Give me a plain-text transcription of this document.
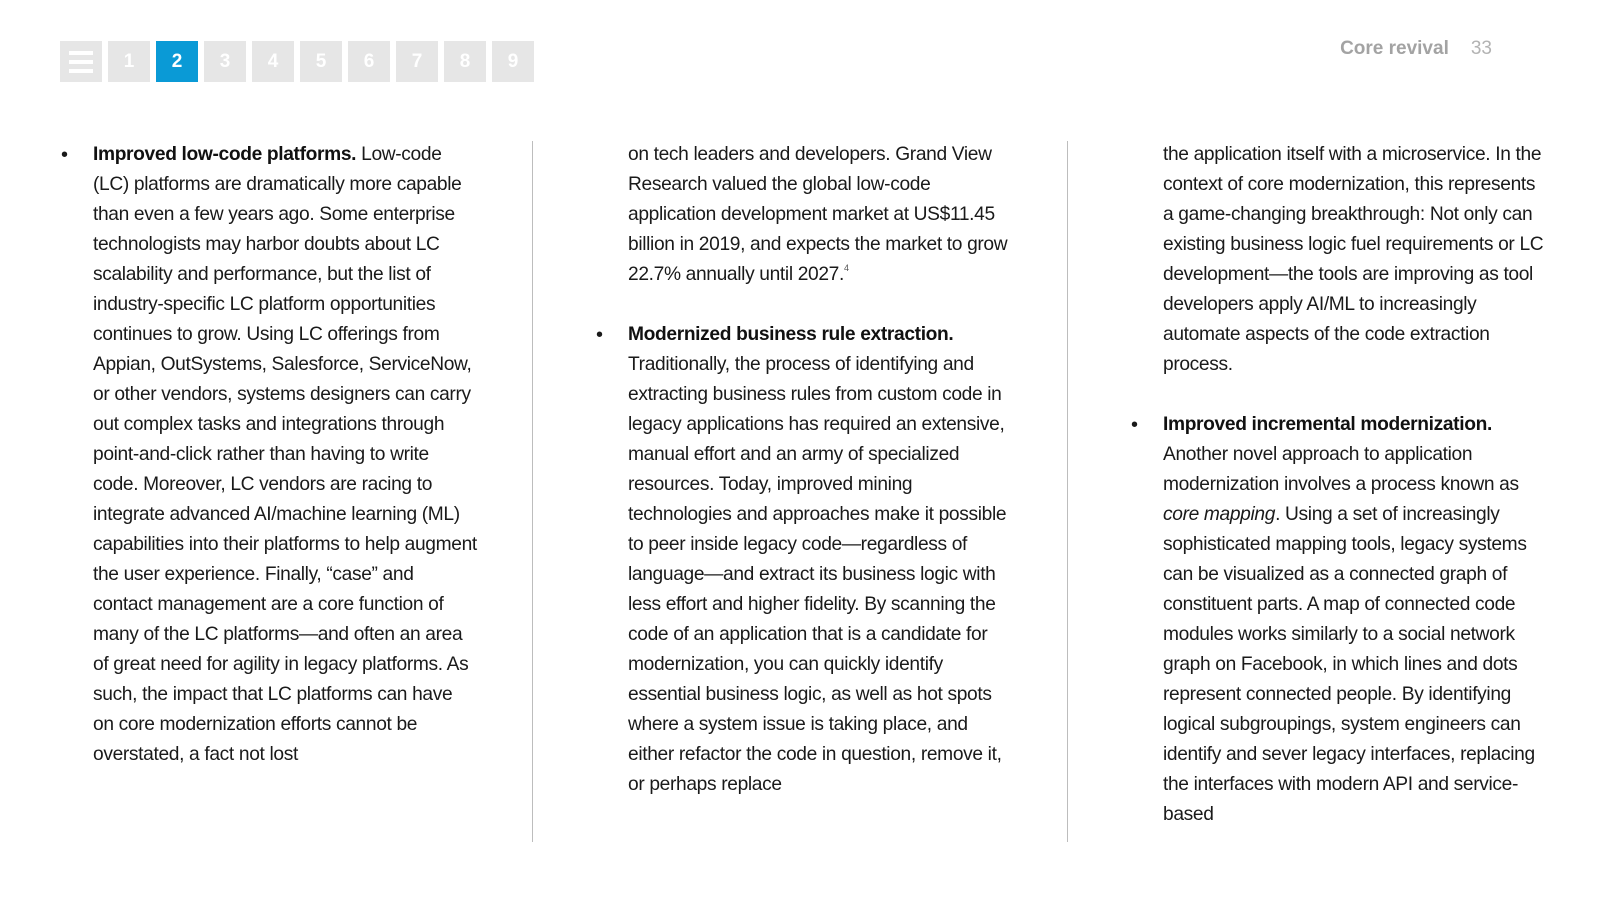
1	2	3	4	5	6	7	8	9
Core revival 33

• Improved low-code platforms. Low-code (LC) platforms are dramatically more capable than even a few years ago. Some enterprise technologists may harbor doubts about LC scalability and performance, but the list of industry-specific LC platform opportunities continues to grow. Using LC offerings from Appian, OutSystems, Salesforce, ServiceNow, or other vendors, systems designers can carry out complex tasks and integrations through point-and-click rather than having to write code. Moreover, LC vendors are racing to integrate advanced AI/machine learning (ML) capabilities into their platforms to help augment the user experience. Finally, “case” and contact management are a core function of many of the LC platforms—and often an area of great need for agility in legacy platforms. As such, the impact that LC platforms can have on core modernization efforts cannot be overstated, a fact not lost

on tech leaders and developers. Grand View Research valued the global low-code application development market at US$11.45 billion in 2019, and expects the market to grow 22.7% annually until 2027.$^4$

• Modernized business rule extraction. Traditionally, the process of identifying and extracting business rules from custom code in legacy applications has required an extensive, manual effort and an army of specialized resources. Today, improved mining technologies and approaches make it possible to peer inside legacy code—regardless of language—and extract its business logic with less effort and higher fidelity. By scanning the code of an application that is a candidate for modernization, you can quickly identify essential business logic, as well as hot spots where a system issue is taking place, and either refactor the code in question, remove it, or perhaps replace

the application itself with a microservice. In the context of core modernization, this represents a game-changing breakthrough: Not only can existing business logic fuel requirements or LC development—the tools are improving as tool developers apply AI/ML to increasingly automate aspects of the code extraction process.

• Improved incremental modernization. Another novel approach to application modernization involves a process known as core mapping. Using a set of increasingly sophisticated mapping tools, legacy systems can be visualized as a connected graph of constituent parts. A map of connected code modules works similarly to a social network graph on Facebook, in which lines and dots represent connected people. By identifying logical subgroupings, system engineers can identify and sever legacy interfaces, replacing the interfaces with modern API and service-based
